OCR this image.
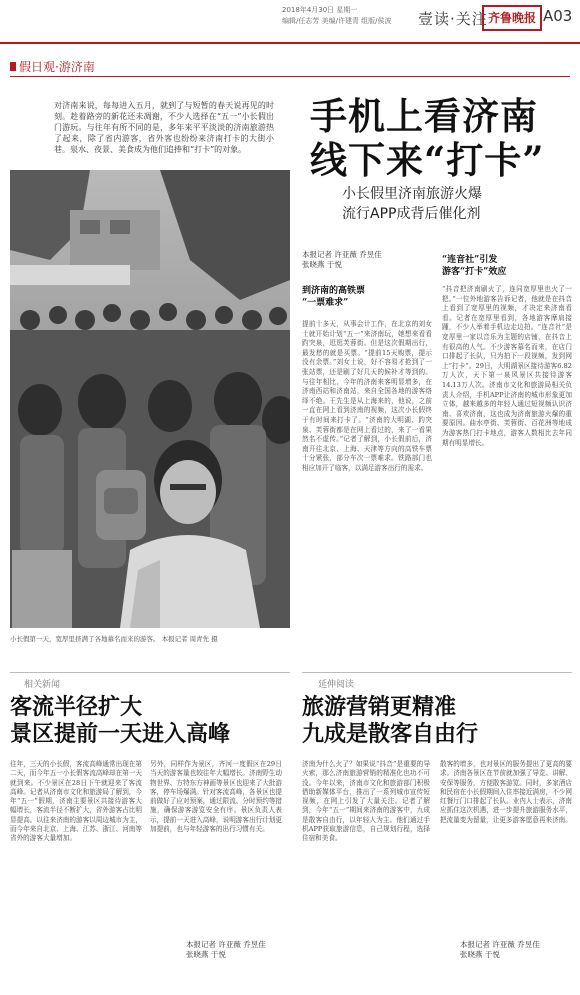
2018年4月30日 星期一
编辑/任志芳 美编/许建青 组版/侯波 壹读·关注 齐鲁晚报 A03
假日观·游济南
对济南来说，每每进入五月，就到了与短暂的春天说再见的时刻。趁着路旁的新花还未凋谢，不少人选择在“五一”小长假出门游玩。与往年有所不同的是，多年来平平淡淡的济南旅游热了起来，除了省内游客，省外客也纷纷来济南打卡的大街小巷。泉水、夜景、美食成为他们追捧和“打卡”的对象。
手机上看济南
线下来“打卡”
小长假里济南旅游火爆
流行APP成背后催化剂
小长假第一天，宽厚里挤满了各地慕名而来的游客。 本报记者 周青先 摄
本报记者 许亚薇 乔昱佳
张晓燕 于悦
到济南的高铁票
“一票难求”
“连音社”引发
游客“打卡”效应
提前十多天，从事会计工作，在北京的刘女士就开始计划“五一”来济南玩，她想来看看趵突泉，逛逛芙蓉街。但是这次假期出行，最发愁的就是买票。“提前15天购票，提示没有余票。”刘女士说，好不容易才抢到了一张站票，还是刷了好几天的候补才等到的。与往年相比，今年的济南来客明显增多，在济南西站和济南站，来自全国各地的游客络绎不绝。王先生是从上海来的，他说，之前一直在网上看到济南的视频，这次小长假终于有时间来打卡了。“济南的大明湖、趵突泉、芙蓉街都是在网上看过的，来了一看果然名不虚传。”记者了解到，小长假前后，济南开往北京、上海、天津等方向的高铁车票十分紧张，部分车次一票难求。铁路部门也相应加开了临客，以满足游客出行的需求。
“抖音把济南刷火了，连同宽厚里也火了一把。”一位外地游客告诉记者，他就是在抖音上看到了宽厚里的视频，才决定来济南看看。记者在宽厚里看到，各地游客摩肩接踵，不少人举着手机边走边拍。“连音社”是宽厚里一家以音乐为主题的店铺，在抖音上有很高的人气。不少游客慕名而来，在店门口排起了长队，只为拍下一段视频，发到网上“打卡”。29日，大明湖景区接待游客6.82万人次，天下第一泉风景区共接待游客14.13万人次。济南市文化和旅游局相关负责人介绍，手机APP让济南的城市形象更加立体，越来越多的年轻人通过短视频认识济南、喜欢济南，这也成为济南旅游火爆的重要原因。曲水亭街、芙蓉街、百花洲等地成为游客热门打卡地点，游客人数相比去年同期有明显增长。
相关新闻
客流半径扩大
景区提前一天进入高峰
往年，三天的小长假，客流高峰通常出现在第二天，而今年五一小长假客流高峰却在第一天就到来。不少景区在28日下午就迎来了客流高峰。记者从济南市文化和旅游局了解到，今年“五一”假期，济南主要景区共接待游客大幅增长，客流半径不断扩大，省外游客占比明显提高。以往来济南的游客以周边城市为主，而今年来自北京、上海、江苏、浙江、河南等省外的游客大量增加。
另外，同样作为景区，齐河一度假区在29日当天的游客量也较往年大幅增长。济南野生动物世界、方特东方神画等景区也迎来了大批游客，停车场爆满。针对客流高峰，各景区也提前做好了应对预案，通过限流、分时预约等措施，确保游客游览安全有序。景区负责人表示，提前一天进入高峰，说明游客出行计划更加提前，也与年轻游客的出行习惯有关。
本报记者 许亚薇 乔昱佳
张晓燕 于悦
延伸阅读
旅游营销更精准
九成是散客自由行
济南为什么火了？如果说“抖音”是重要的导火索，那么济南旅游营销的精准化也功不可没。今年以来，济南市文化和旅游部门积极借助新媒体平台，推出了一系列城市宣传短视频，在网上引发了大量关注。记者了解到，今年“五一”期间来济南的游客中，九成是散客自由行，以年轻人为主。他们通过手机APP获取旅游信息，自己规划行程，选择住宿和美食。
散客的增多，也对景区的服务提出了更高的要求。济南各景区在节前就加强了导览、讲解、安保等服务，方便散客游览。同时，多家酒店和民宿在小长假期间入住率接近满房，不少网红餐厅门口排起了长队。业内人士表示，济南应抓住这次机遇，进一步提升旅游服务水平，把流量变为留量，让更多游客愿意再来济南。
本报记者 许亚薇 乔昱佳
张晓燕 于悦
